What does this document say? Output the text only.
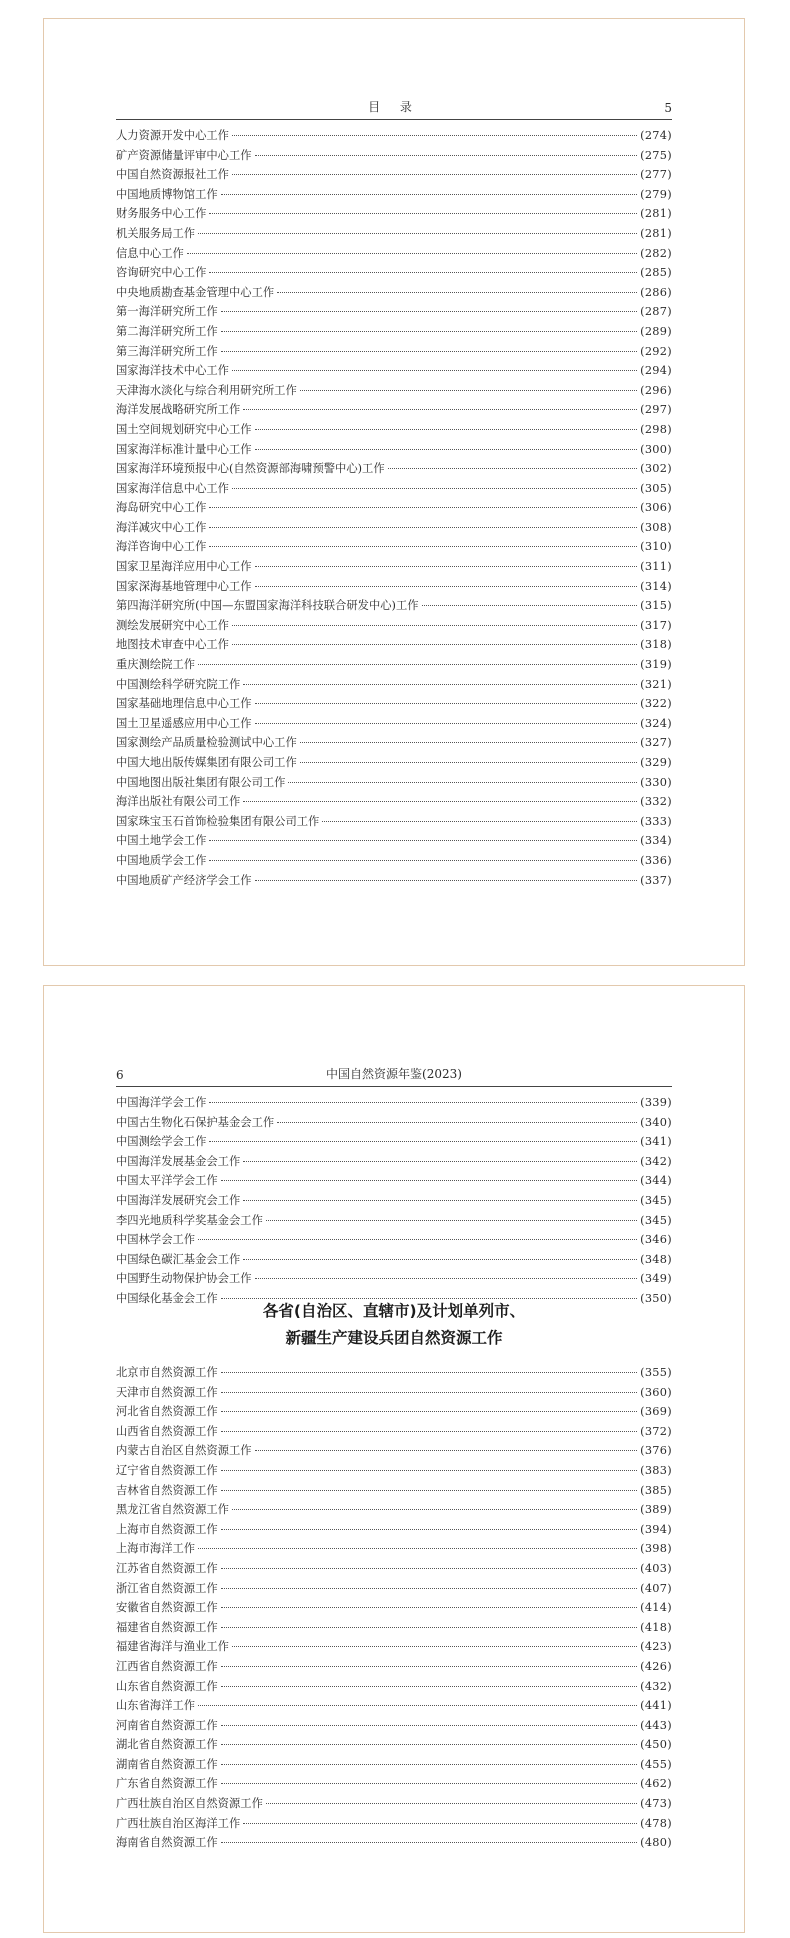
目 录	5
人力资源开发中心工作	(274)
矿产资源储量评审中心工作	(275)
中国自然资源报社工作	(277)
中国地质博物馆工作	(279)
财务服务中心工作	(281)
机关服务局工作	(281)
信息中心工作	(282)
咨询研究中心工作	(285)
中央地质勘查基金管理中心工作	(286)
第一海洋研究所工作	(287)
第二海洋研究所工作	(289)
第三海洋研究所工作	(292)
国家海洋技术中心工作	(294)
天津海水淡化与综合利用研究所工作	(296)
海洋发展战略研究所工作	(297)
国土空间规划研究中心工作	(298)
国家海洋标准计量中心工作	(300)
国家海洋环境预报中心(自然资源部海啸预警中心)工作	(302)
国家海洋信息中心工作	(305)
海岛研究中心工作	(306)
海洋减灾中心工作	(308)
海洋咨询中心工作	(310)
国家卫星海洋应用中心工作	(311)
国家深海基地管理中心工作	(314)
第四海洋研究所(中国—东盟国家海洋科技联合研发中心)工作	(315)
测绘发展研究中心工作	(317)
地图技术审查中心工作	(318)
重庆测绘院工作	(319)
中国测绘科学研究院工作	(321)
国家基础地理信息中心工作	(322)
国土卫星遥感应用中心工作	(324)
国家测绘产品质量检验测试中心工作	(327)
中国大地出版传媒集团有限公司工作	(329)
中国地图出版社集团有限公司工作	(330)
海洋出版社有限公司工作	(332)
国家珠宝玉石首饰检验集团有限公司工作	(333)
中国土地学会工作	(334)
中国地质学会工作	(336)
中国地质矿产经济学会工作	(337)
6	中国自然资源年鉴(2023)
中国海洋学会工作	(339)
中国古生物化石保护基金会工作	(340)
中国测绘学会工作	(341)
中国海洋发展基金会工作	(342)
中国太平洋学会工作	(344)
中国海洋发展研究会工作	(345)
李四光地质科学奖基金会工作	(345)
中国林学会工作	(346)
中国绿色碳汇基金会工作	(348)
中国野生动物保护协会工作	(349)
中国绿化基金会工作	(350)
各省(自治区、直辖市)及计划单列市、
新疆生产建设兵团自然资源工作
北京市自然资源工作	(355)
天津市自然资源工作	(360)
河北省自然资源工作	(369)
山西省自然资源工作	(372)
内蒙古自治区自然资源工作	(376)
辽宁省自然资源工作	(383)
吉林省自然资源工作	(385)
黑龙江省自然资源工作	(389)
上海市自然资源工作	(394)
上海市海洋工作	(398)
江苏省自然资源工作	(403)
浙江省自然资源工作	(407)
安徽省自然资源工作	(414)
福建省自然资源工作	(418)
福建省海洋与渔业工作	(423)
江西省自然资源工作	(426)
山东省自然资源工作	(432)
山东省海洋工作	(441)
河南省自然资源工作	(443)
湖北省自然资源工作	(450)
湖南省自然资源工作	(455)
广东省自然资源工作	(462)
广西壮族自治区自然资源工作	(473)
广西壮族自治区海洋工作	(478)
海南省自然资源工作	(480)
